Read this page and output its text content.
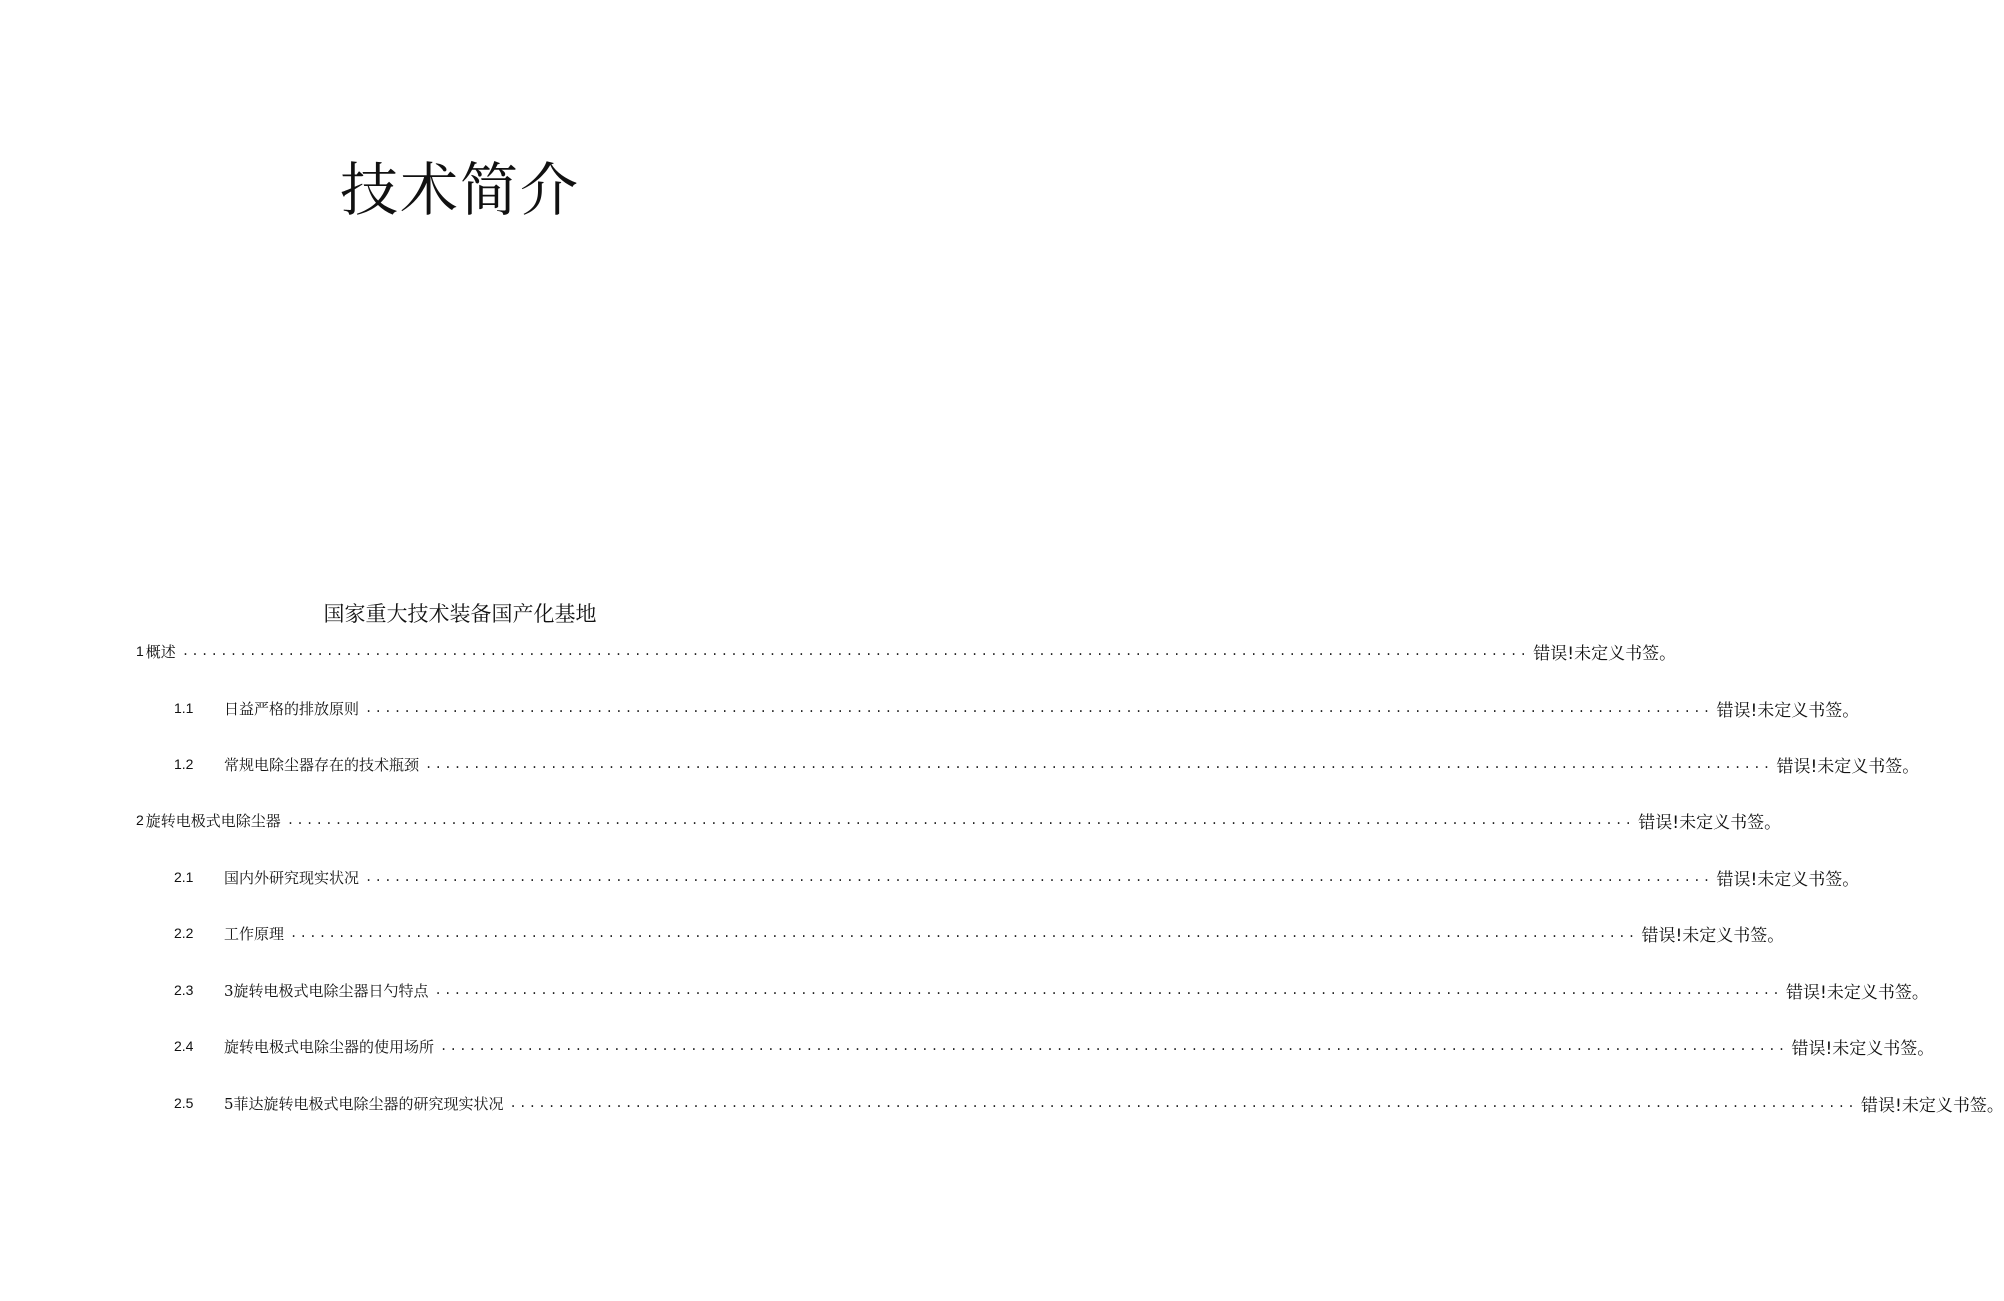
技术简介
国家重大技术装备国产化基地
1 概述 ............................................................................................................................................ 错误!未定义书签。
1.1	日益严格的排放原则 ............................................................................................................................................ 错误!未定义书签。
1.2	常规电除尘器存在的技术瓶颈 ............................................................................................................................................ 错误!未定义书签。
2 旋转电极式电除尘器 ............................................................................................................................................ 错误!未定义书签。
2.1	国内外研究现实状况 ............................................................................................................................................ 错误!未定义书签。
2.2	工作原理 ............................................................................................................................................ 错误!未定义书签。
2.3	3旋转电极式电除尘器日勺特点 ............................................................................................................................................ 错误!未定义书签。
2.4	旋转电极式电除尘器的使用场所 ............................................................................................................................................ 错误!未定义书签。
2.5	5菲达旋转电极式电除尘器的研究现实状况 ............................................................................................................................................ 错误!未定义书签。
